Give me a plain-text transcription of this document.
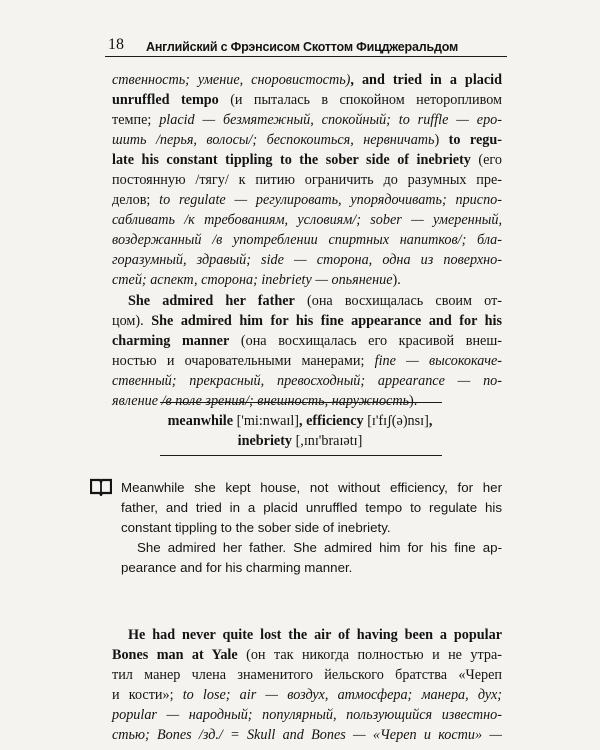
18 Английский с Фрэнсисом Скоттом Фицджеральдом
ственность; умение, сноровистость), and tried in a placid
unruffled tempo (и пыталась в спокойном неторопливом
темпе; placid — безмятежный, спокойный; to ruffle — еро-
шить /перья, волосы/; беспокоиться, нервничать) to regu-
late his constant tippling to the sober side of inebriety (его
постоянную /тягу/ к питию ограничить до разумных пре-
делов; to regulate — регулировать, упорядочивать; приспо-
сабливать /к требованиям, условиям/; sober — умеренный,
воздержанный /в употреблении спиртных напитков/; бла-
горазумный, здравый; side — сторона, одна из поверхно-
стей; аспект, сторона; inebriety — опьянение).
She admired her father (она восхищалась своим от-
цом). She admired him for his fine appearance and for his
charming manner (она восхищалась его красивой внеш-
ностью и очаровательными манерами; fine — высококаче-
ственный; прекрасный, превосходный; appearance — по-
явление /в поле зрения/; внешность, наружность).
meanwhile ['mi:nwaɪl], efficiency [ɪ'fɪʃ(ə)nsɪ],
inebriety [,ɪnɪ'braɪətɪ]
Meanwhile she kept house, not without efficiency, for her
father, and tried in a placid unruffled tempo to regulate his
constant tippling to the sober side of inebriety.
She admired her father. She admired him for his fine ap-
pearance and for his charming manner.
He had never quite lost the air of having been a popular
Bones man at Yale (он так никогда полностью и не утра-
тил манер члена знаменитого йельского братства «Череп
и кости»; to lose; air — воздух, атмосфера; манера, дух;
popular — народный; популярный, пользующийся известно-
стью; Bones /зд./ = Skull and Bones — «Череп и кости» —
